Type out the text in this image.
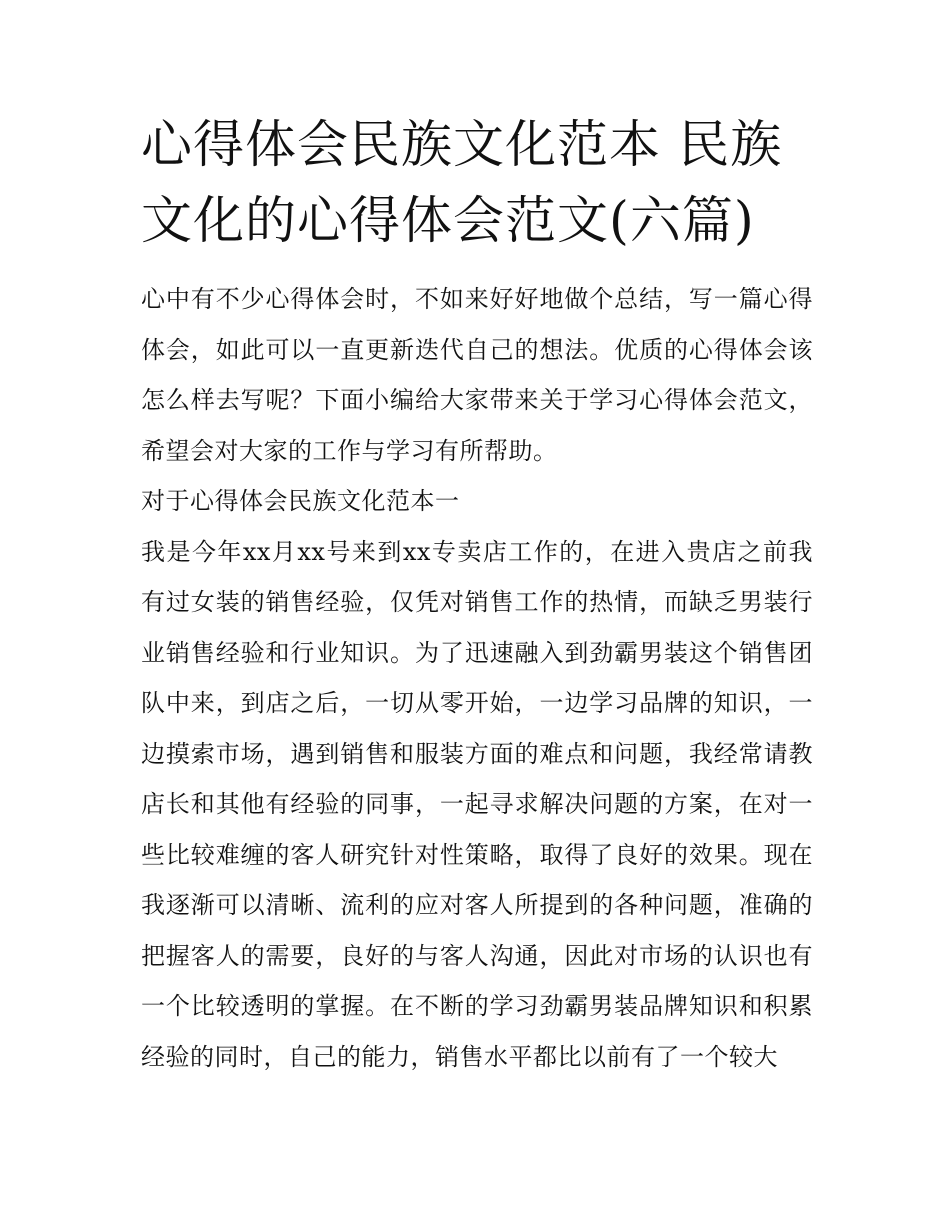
心得体会民族文化范本 民族文化的心得体会范文(六篇)

心中有不少心得体会时，不如来好好地做个总结，写一篇心得体会，如此可以一直更新迭代自己的想法。优质的心得体会该怎么样去写呢？下面小编给大家带来关于学习心得体会范文，希望会对大家的工作与学习有所帮助。

对于心得体会民族文化范本一

我是今年xx月xx号来到xx专卖店工作的，在进入贵店之前我有过女装的销售经验，仅凭对销售工作的热情，而缺乏男装行业销售经验和行业知识。为了迅速融入到劲霸男装这个销售团队中来，到店之后，一切从零开始，一边学习品牌的知识，一边摸索市场，遇到销售和服装方面的难点和问题，我经常请教店长和其他有经验的同事，一起寻求解决问题的方案，在对一些比较难缠的客人研究针对性策略，取得了良好的效果。现在我逐渐可以清晰、流利的应对客人所提到的各种问题，准确的把握客人的需要，良好的与客人沟通，因此对市场的认识也有一个比较透明的掌握。在不断的学习劲霸男装品牌知识和积累经验的同时，自己的能力，销售水平都比以前有了一个较大
